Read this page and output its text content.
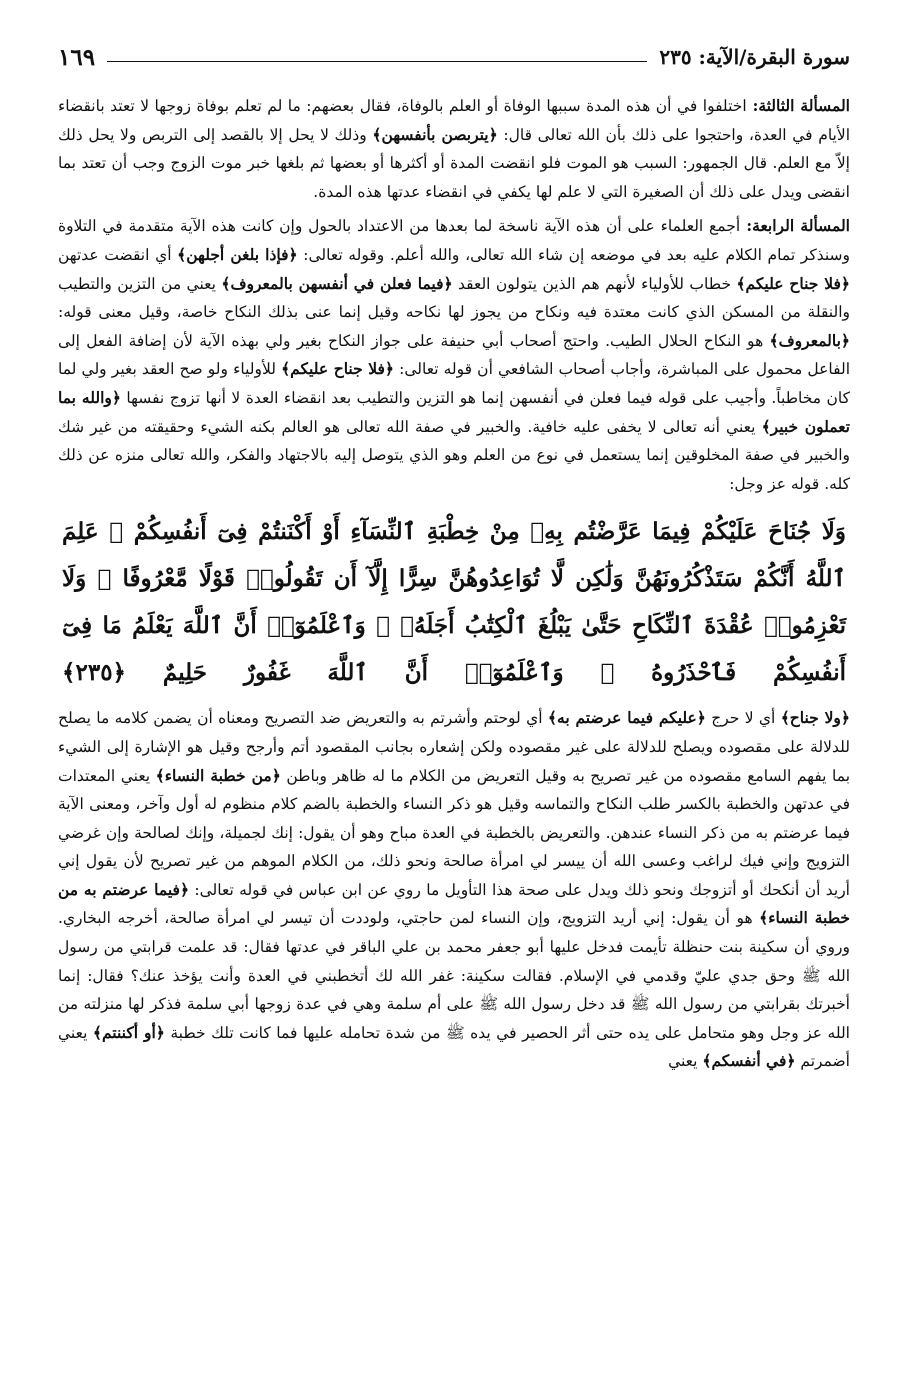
سورة البقرة/الآية: ٢٣٥
١٦٩

المسألة الثالثة: اختلفوا في أن هذه المدة سببها الوفاة أو العلم بالوفاة، فقال بعضهم: ما لم تعلم بوفاة زوجها لا تعتد بانقضاء الأيام في العدة، واحتجوا على ذلك بأن الله تعالى قال: ﴿يتربصن بأنفسهن﴾ وذلك لا يحل إلا بالقصد إلى التربص ولا يحل ذلك إلاّ مع العلم. قال الجمهور: السبب هو الموت فلو انقضت المدة أو أكثرها أو بعضها ثم بلغها خبر موت الزوج وجب أن تعتد بما انقضى ويدل على ذلك أن الصغيرة التي لا علم لها يكفي في انقضاء عدتها هذه المدة.

المسألة الرابعة: أجمع العلماء على أن هذه الآية ناسخة لما بعدها من الاعتداد بالحول وإن كانت هذه الآية متقدمة في التلاوة وسنذكر تمام الكلام عليه بعد في موضعه إن شاء الله تعالى، والله أعلم. وقوله تعالى: ﴿فإذا بلغن أجلهن﴾ أي انقضت عدتهن ﴿فلا جناح عليكم﴾ خطاب للأولياء لأنهم هم الذين يتولون العقد ﴿فيما فعلن في أنفسهن بالمعروف﴾ يعني من التزين والتطيب والنقلة من المسكن الذي كانت معتدة فيه ونكاح من يجوز لها نكاحه وقيل إنما عنى بذلك النكاح خاصة، وقيل معنى قوله: ﴿بالمعروف﴾ هو النكاح الحلال الطيب. واحتج أصحاب أبي حنيفة على جواز النكاح بغير ولي بهذه الآية لأن إضافة الفعل إلى الفاعل محمول على المباشرة، وأجاب أصحاب الشافعي أن قوله تعالى: ﴿فلا جناح عليكم﴾ للأولياء ولو صح العقد بغير ولي لما كان مخاطباً. وأجيب على قوله فيما فعلن في أنفسهن إنما هو التزين والتطيب بعد انقضاء العدة لا أنها تزوج نفسها ﴿والله بما تعملون خبير﴾ يعني أنه تعالى لا يخفى عليه خافية. والخبير في صفة الله تعالى هو العالم بكنه الشيء وحقيقته من غير شك والخبير في صفة المخلوقين إنما يستعمل في نوع من العلم وهو الذي يتوصل إليه بالاجتهاد والفكر، والله تعالى منزه عن ذلك كله. قوله عز وجل:

وَلَا جُنَاحَ عَلَيْكُمْ فِيمَا عَرَّضْتُم بِهِۦ مِنْ خِطْبَةِ ٱلنِّسَآءِ أَوْ أَكْنَنتُمْ فِىٓ أَنفُسِكُمْ ۚ عَلِمَ ٱللَّهُ أَنَّكُمْ سَتَذْكُرُونَهُنَّ وَلَٰكِن لَّا تُوَاعِدُوهُنَّ سِرًّا إِلَّآ أَن تَقُولُوا۟ قَوْلًا مَّعْرُوفًا ۚ وَلَا تَعْزِمُوا۟ عُقْدَةَ ٱلنِّكَاحِ حَتَّىٰ يَبْلُغَ ٱلْكِتَٰبُ أَجَلَهُۥ ۚ وَٱعْلَمُوٓا۟ أَنَّ ٱللَّهَ يَعْلَمُ مَا فِىٓ أَنفُسِكُمْ فَٱحْذَرُوهُ ۚ وَٱعْلَمُوٓا۟ أَنَّ ٱللَّهَ غَفُورٌ حَلِيمٌ ﴿٢٣٥﴾

﴿ولا جناح﴾ أي لا حرج ﴿عليكم فيما عرضتم به﴾ أي لوحتم وأشرتم به والتعريض ضد التصريح ومعناه أن يضمن كلامه ما يصلح للدلالة على مقصوده ويصلح للدلالة على غير مقصوده ولكن إشعاره بجانب المقصود أتم وأرجح وقيل هو الإشارة إلى الشيء بما يفهم السامع مقصوده من غير تصريح به وقيل التعريض من الكلام ما له ظاهر وباطن ﴿من خطبة النساء﴾ يعني المعتدات في عدتهن والخطبة بالكسر طلب النكاح والتماسه وقيل هو ذكر النساء والخطبة بالضم كلام منظوم له أول وآخر، ومعنى الآية فيما عرضتم به من ذكر النساء عندهن. والتعريض بالخطبة في العدة مباح وهو أن يقول: إنك لجميلة، وإنك لصالحة وإن غرضي التزويج وإني فيك لراغب وعسى الله أن ييسر لي امرأة صالحة ونحو ذلك، من الكلام الموهم من غير تصريح لأن يقول إني أريد أن أنكحك أو أتزوجك ونحو ذلك ويدل على صحة هذا التأويل ما روي عن ابن عباس في قوله تعالى: ﴿فيما عرضتم به من خطبة النساء﴾ هو أن يقول: إني أريد التزويج، وإن النساء لمن حاجتي، ولوددت أن تيسر لي امرأة صالحة، أخرجه البخاري. وروي أن سكينة بنت حنظلة تأيمت فدخل عليها أبو جعفر محمد بن علي الباقر في عدتها فقال: قد علمت قرابتي من رسول الله ﷺ وحق جدي عليّ وقدمي في الإسلام. فقالت سكينة: غفر الله لك أتخطبني في العدة وأنت يؤخذ عنك؟ فقال: إنما أخبرتك بقرابتي من رسول الله ﷺ قد دخل رسول الله ﷺ على أم سلمة وهي في عدة زوجها أبي سلمة فذكر لها منزلته من الله عز وجل وهو متحامل على يده حتى أثر الحصير في يده ﷺ من شدة تحامله عليها فما كانت تلك خطبة ﴿أو أكننتم﴾ يعني أضمرتم ﴿في أنفسكم﴾ يعني
